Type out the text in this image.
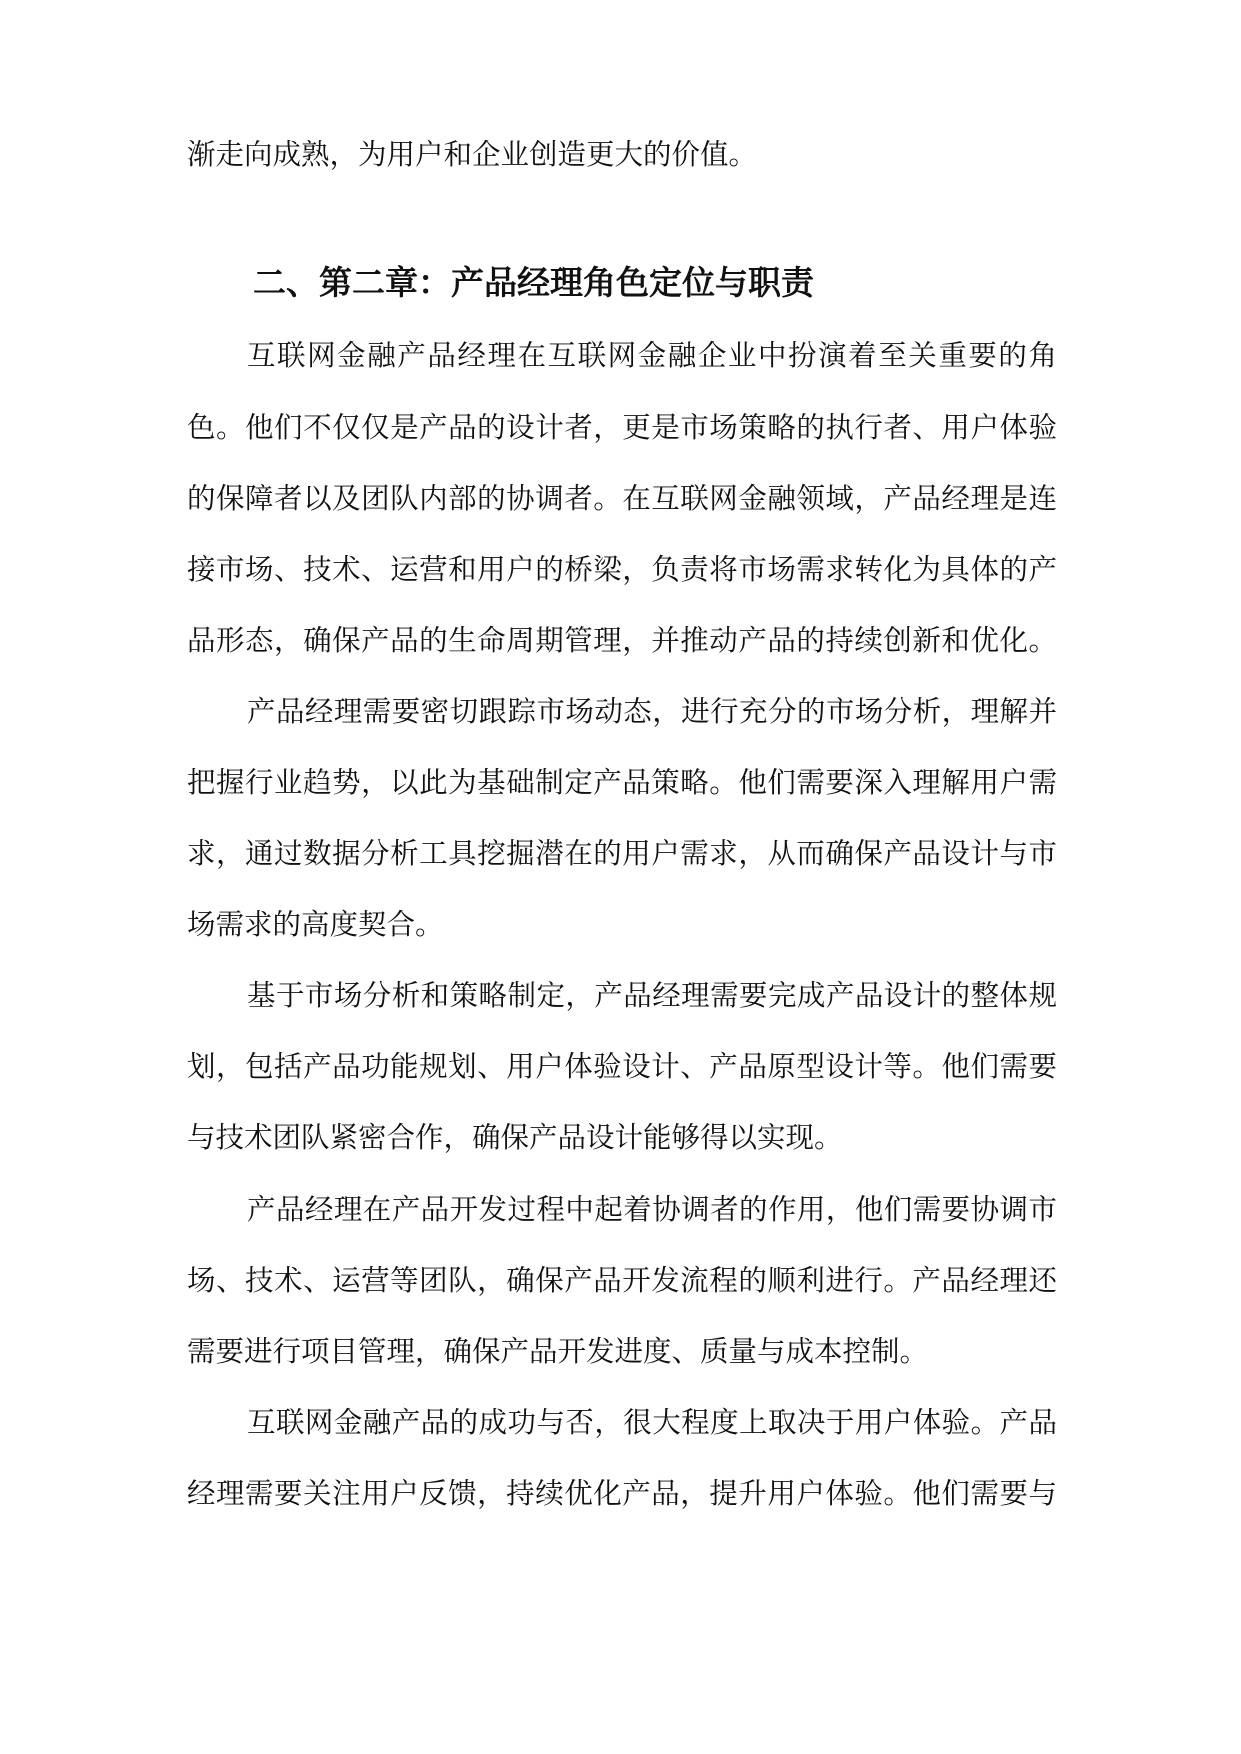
渐走向成熟，为用户和企业创造更大的价值。
二、第二章：产品经理角色定位与职责
互联网金融产品经理在互联网金融企业中扮演着至关重要的角
色。他们不仅仅是产品的设计者，更是市场策略的执行者、用户体验
的保障者以及团队内部的协调者。在互联网金融领域，产品经理是连
接市场、技术、运营和用户的桥梁，负责将市场需求转化为具体的产
品形态，确保产品的生命周期管理，并推动产品的持续创新和优化。
产品经理需要密切跟踪市场动态，进行充分的市场分析，理解并
把握行业趋势，以此为基础制定产品策略。他们需要深入理解用户需
求，通过数据分析工具挖掘潜在的用户需求，从而确保产品设计与市
场需求的高度契合。
基于市场分析和策略制定，产品经理需要完成产品设计的整体规
划，包括产品功能规划、用户体验设计、产品原型设计等。他们需要
与技术团队紧密合作，确保产品设计能够得以实现。
产品经理在产品开发过程中起着协调者的作用，他们需要协调市
场、技术、运营等团队，确保产品开发流程的顺利进行。产品经理还
需要进行项目管理，确保产品开发进度、质量与成本控制。
互联网金融产品的成功与否，很大程度上取决于用户体验。产品
经理需要关注用户反馈，持续优化产品，提升用户体验。他们需要与
